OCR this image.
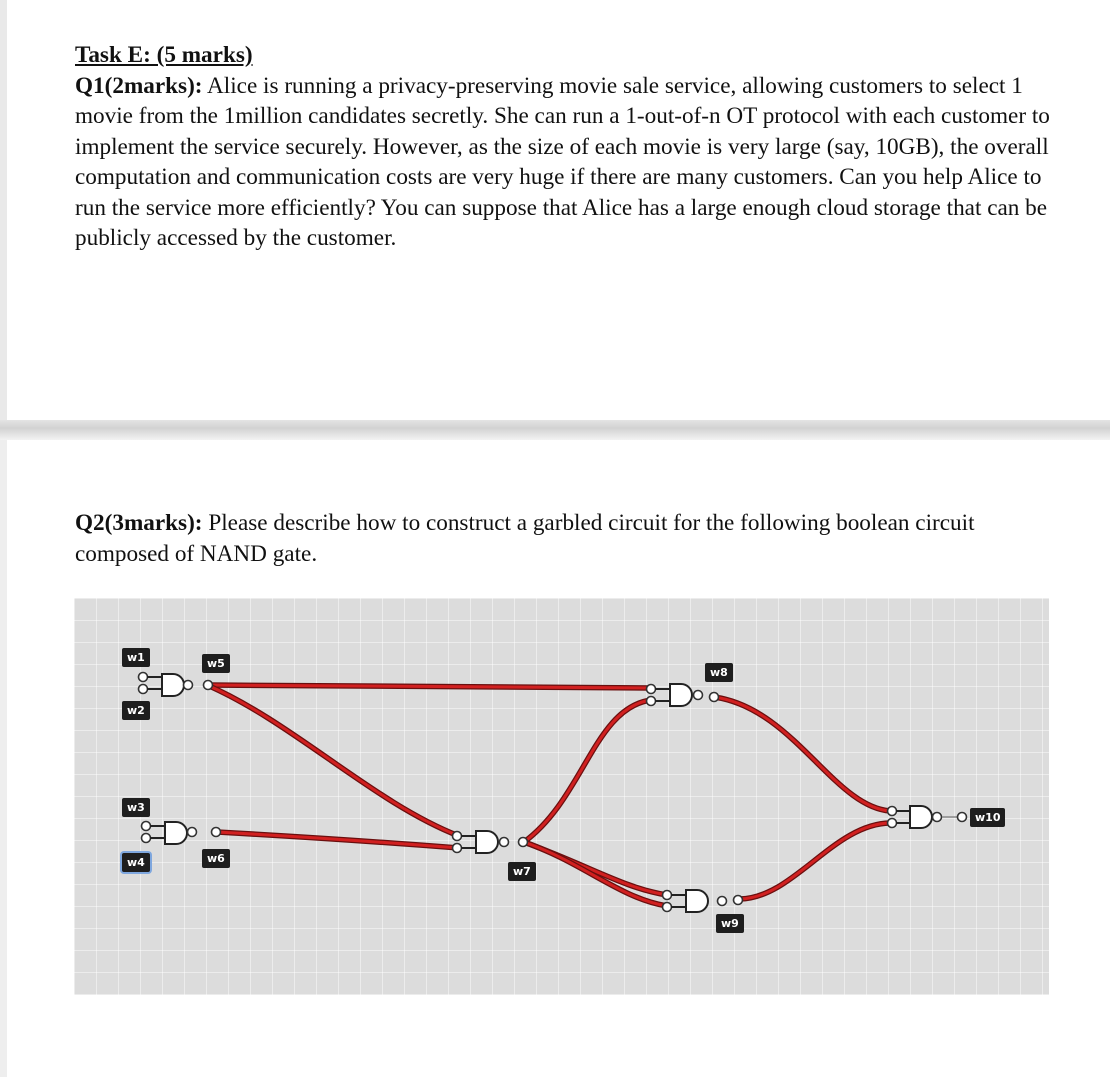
Task E: (5 marks)
Q1(2marks): Alice is running a privacy-preserving movie sale service, allowing customers to select 1 movie from the 1million candidates secretly. She can run a 1-out-of-n OT protocol with each customer to implement the service securely. However, as the size of each movie is very large (say, 10GB), the overall computation and communication costs are very huge if there are many customers. Can you help Alice to run the service more efficiently? You can suppose that Alice has a large enough cloud storage that can be publicly accessed by the customer.
Q2(3marks): Please describe how to construct a garbled circuit for the following boolean circuit composed of NAND gate.
w1
w2
w5
w3
w4	w6
w7
w8
w9
w10
